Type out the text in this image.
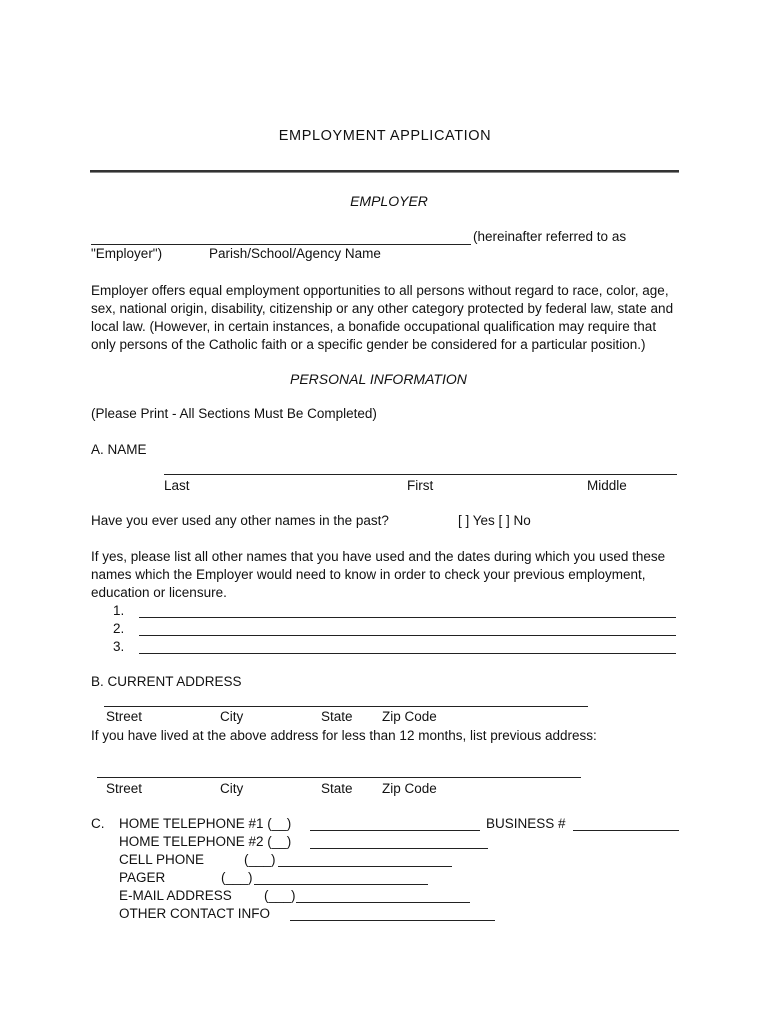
EMPLOYMENT APPLICATION
EMPLOYER
(hereinafter referred to as
"Employer")	Parish/School/Agency Name
Employer offers equal employment opportunities to all persons without regard to race, color, age, sex, national origin, disability, citizenship or any other category protected by federal law, state and local law. (However, in certain instances, a bonafide occupational qualification may require that only persons of the Catholic faith or a specific gender be considered for a particular position.)
PERSONAL INFORMATION
(Please Print - All Sections Must Be Completed)
A. NAME
Last	First	Middle
Have you ever used any other names in the past?	[ ] Yes [ ] No
If yes, please list all other names that you have used and the dates during which you used these names which the Employer would need to know in order to check your previous employment, education or licensure.
1.
2.
3.
B. CURRENT ADDRESS
Street	City	State Zip Code
If you have lived at the above address for less than 12 months, list previous address:
Street	City	State Zip Code
C. HOME TELEPHONE #1 (__)	BUSINESS #
HOME TELEPHONE #2 (__)
CELL PHONE	(___)
PAGER	(___)
E-MAIL ADDRESS (___)
OTHER CONTACT INFO
